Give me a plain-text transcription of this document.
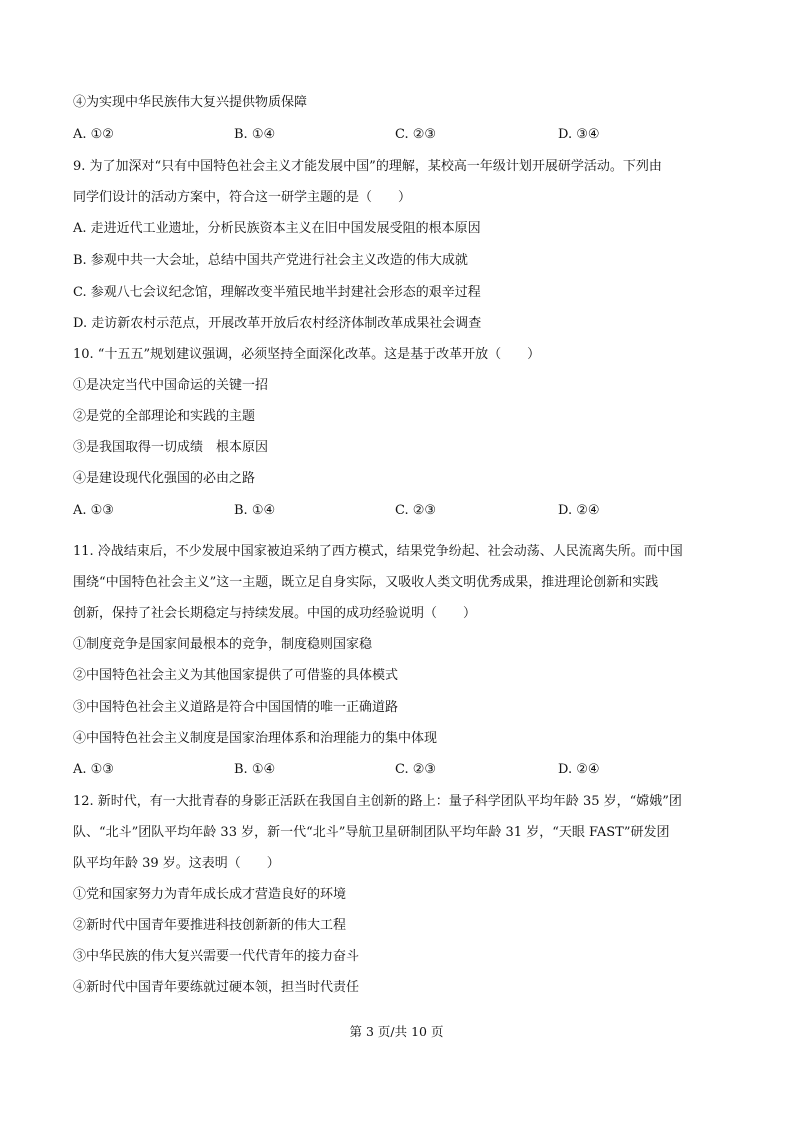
④为实现中华民族伟大复兴提供物质保障
A. ①②	B. ①④	C. ②③	D. ③④
9. 为了加深对“只有中国特色社会主义才能发展中国”的理解，某校高一年级计划开展研学活动。下列由
同学们设计的活动方案中，符合这一研学主题的是（　　）
A. 走进近代工业遗址，分析民族资本主义在旧中国发展受阻的根本原因
B. 参观中共一大会址，总结中国共产党进行社会主义改造的伟大成就
C. 参观八七会议纪念馆，理解改变半殖民地半封建社会形态的艰辛过程
D. 走访新农村示范点，开展改革开放后农村经济体制改革成果社会调查
10. “十五五”规划建议强调，必须坚持全面深化改革。这是基于改革开放（　　）
①是决定当代中国命运的关键一招
②是党的全部理论和实践的主题
③是我国取得一切成绩　根本原因
④是建设现代化强国的必由之路
A. ①③	B. ①④	C. ②③	D. ②④
11. 冷战结束后，不少发展中国家被迫采纳了西方模式，结果党争纷起、社会动荡、人民流离失所。而中国
围绕“中国特色社会主义”这一主题，既立足自身实际，又吸收人类文明优秀成果，推进理论创新和实践
创新，保持了社会长期稳定与持续发展。中国的成功经验说明（　　）
①制度竞争是国家间最根本的竞争，制度稳则国家稳
②中国特色社会主义为其他国家提供了可借鉴的具体模式
③中国特色社会主义道路是符合中国国情的唯一正确道路
④中国特色社会主义制度是国家治理体系和治理能力的集中体现
A. ①③	B. ①④	C. ②③	D. ②④
12. 新时代，有一大批青春的身影正活跃在我国自主创新的路上：量子科学团队平均年龄 35 岁，“嫦娥”团
队、“北斗”团队平均年龄 33 岁，新一代“北斗”导航卫星研制团队平均年龄 31 岁，“天眼 FAST”研发团
队平均年龄 39 岁。这表明（　　）
①党和国家努力为青年成长成才营造良好的环境
②新时代中国青年要推进科技创新新的伟大工程
③中华民族的伟大复兴需要一代代青年的接力奋斗
④新时代中国青年要练就过硬本领，担当时代责任
第 3 页/共 10 页
